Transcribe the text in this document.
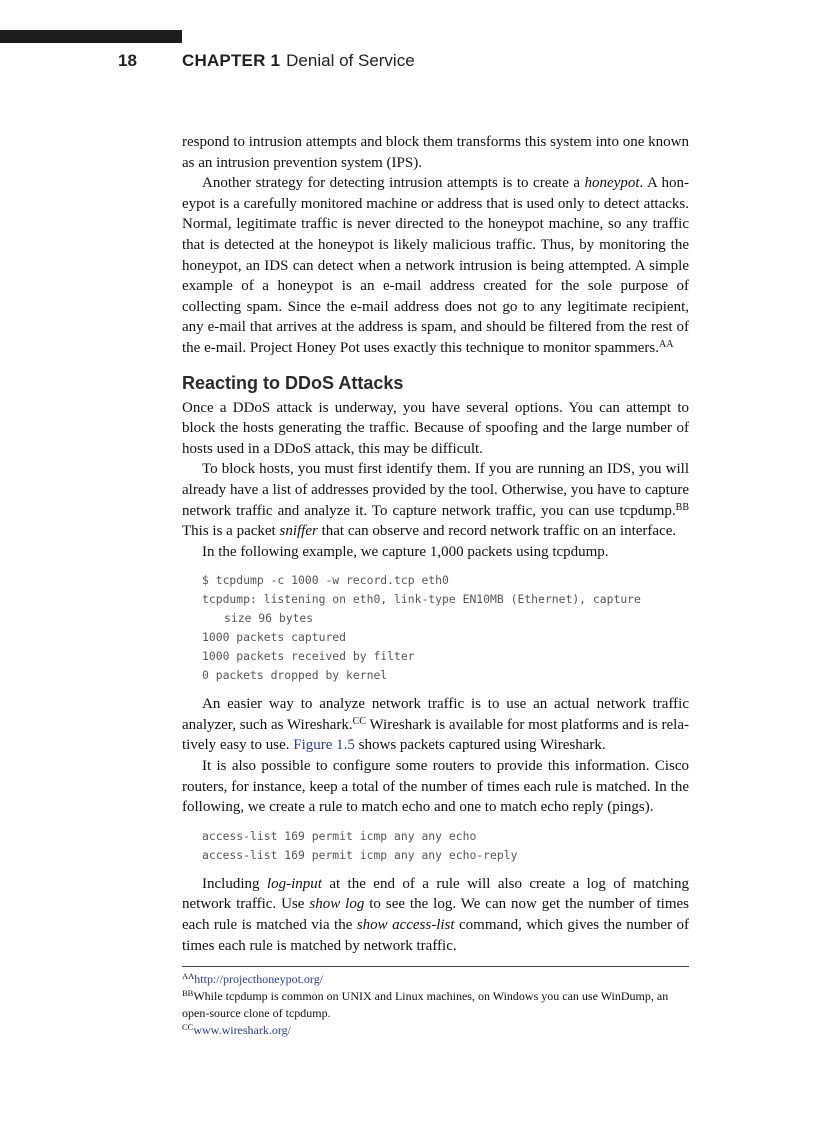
18	CHAPTER 1 Denial of Service

respond to intrusion attempts and block them transforms this system into one known as an intrusion prevention system (IPS).

Another strategy for detecting intrusion attempts is to create a honeypot. A honeypot is a carefully monitored machine or address that is used only to detect attacks. Normal, legitimate traffic is never directed to the honeypot machine, so any traffic that is detected at the honeypot is likely malicious traffic. Thus, by monitoring the honeypot, an IDS can detect when a network intrusion is being attempted. A simple example of a honeypot is an e-mail address created for the sole purpose of collecting spam. Since the e-mail address does not go to any legitimate recipient, any e-mail that arrives at the address is spam, and should be filtered from the rest of the e-mail. Project Honey Pot uses exactly this technique to monitor spammers.$^{AA}$

Reacting to DDoS Attacks

Once a DDoS attack is underway, you have several options. You can attempt to block the hosts generating the traffic. Because of spoofing and the large number of hosts used in a DDoS attack, this may be difficult.

To block hosts, you must first identify them. If you are running an IDS, you will already have a list of addresses provided by the tool. Otherwise, you have to capture network traffic and analyze it. To capture network traffic, you can use tcpdump.$^{BB}$ This is a packet sniffer that can observe and record network traffic on an interface.

In the following example, we capture 1,000 packets using tcpdump.

$ tcpdump -c 1000 -w record.tcp eth0
tcpdump: listening on eth0, link-type EN10MB (Ethernet), capture
size 96 bytes
1000 packets captured
1000 packets received by filter
0 packets dropped by kernel

An easier way to analyze network traffic is to use an actual network traffic analyzer, such as Wireshark.$^{CC}$ Wireshark is available for most platforms and is relatively easy to use. Figure 1.5 shows packets captured using Wireshark.

It is also possible to configure some routers to provide this information. Cisco routers, for instance, keep a total of the number of times each rule is matched. In the following, we create a rule to match echo and one to match echo reply (pings).

access-list 169 permit icmp any any echo
access-list 169 permit icmp any any echo-reply

Including log-input at the end of a rule will also create a log of matching network traffic. Use show log to see the log. We can now get the number of times each rule is matched via the show access-list command, which gives the number of times each rule is matched by network traffic.

$^{AA}$http://projecthoneypot.org/

$^{BB}$While tcpdump is common on UNIX and Linux machines, on Windows you can use WinDump, an open-source clone of tcpdump.

$^{CC}$www.wireshark.org/
